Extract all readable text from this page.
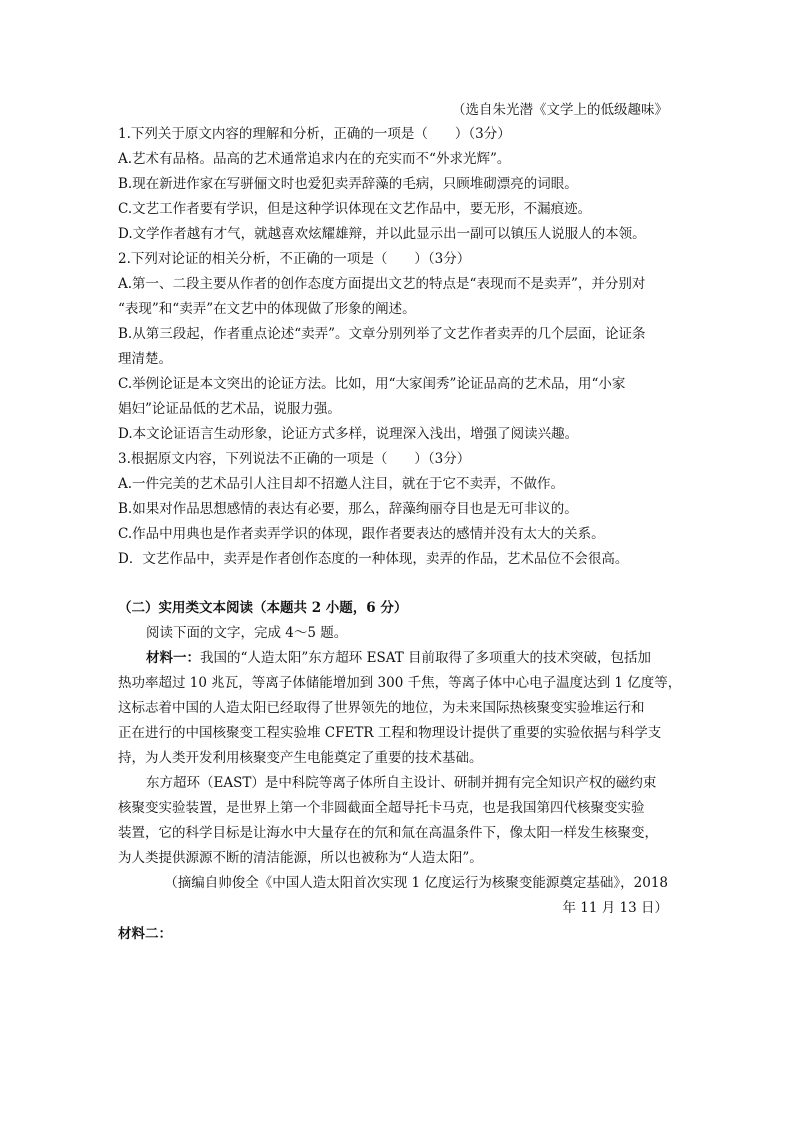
（选自朱光潜《文学上的低级趣味》
1.下列关于原文内容的理解和分析，正确的一项是（　　）（3分）
A.艺术有品格。品高的艺术通常追求内在的充实而不“外求光辉”。
B.现在新进作家在写骈俪文时也爱犯卖弄辞藻的毛病，只顾堆砌漂亮的词眼。
C.文艺工作者要有学识，但是这种学识体现在文艺作品中，要无形，不漏痕迹。
D.文学作者越有才气，就越喜欢炫耀雄辩，并以此显示出一副可以镇压人说服人的本领。
2.下列对论证的相关分析，不正确的一项是（　　）（3分）
A.第一、二段主要从作者的创作态度方面提出文艺的特点是“表现而不是卖弄”，并分别对
“表现”和“卖弄”在文艺中的体现做了形象的阐述。
B.从第三段起，作者重点论述“卖弄”。文章分别列举了文艺作者卖弄的几个层面，论证条
理清楚。
C.举例论证是本文突出的论证方法。比如，用“大家闺秀”论证品高的艺术品，用“小家
娼妇”论证品低的艺术品，说服力强。
D.本文论证语言生动形象，论证方式多样，说理深入浅出，增强了阅读兴趣。
3.根据原文内容，下列说法不正确的一项是（　　）（3分）
A.一件完美的艺术品引人注目却不招邀人注目，就在于它不卖弄，不做作。
B.如果对作品思想感情的表达有必要，那么，辞藻绚丽夺目也是无可非议的。
C.作品中用典也是作者卖弄学识的体现，跟作者要表达的感情并没有太大的关系。
D．文艺作品中，卖弄是作者创作态度的一种体现，卖弄的作品，艺术品位不会很高。
（二）实用类文本阅读（本题共 2 小题，6 分）
阅读下面的文字，完成 4～5 题。
材料一：我国的“人造太阳”东方超环 ESAT 目前取得了多项重大的技术突破，包括加
热功率超过 10 兆瓦，等离子体储能增加到 300 千焦，等离子体中心电子温度达到 1 亿度等，
这标志着中国的人造太阳已经取得了世界领先的地位，为未来国际热核聚变实验堆运行和
正在进行的中国核聚变工程实验堆 CFETR 工程和物理设计提供了重要的实验依据与科学支
持，为人类开发利用核聚变产生电能奠定了重要的技术基础。
东方超环（EAST）是中科院等离子体所自主设计、研制并拥有完全知识产权的磁约束
核聚变实验装置，是世界上第一个非圆截面全超导托卡马克，也是我国第四代核聚变实验
装置，它的科学目标是让海水中大量存在的氘和氚在高温条件下，像太阳一样发生核聚变，
为人类提供源源不断的清洁能源，所以也被称为“人造太阳”。
（摘编自帅俊全《中国人造太阳首次实现 1 亿度运行为核聚变能源奠定基础》，2018
年 11 月 13 日）
材料二：
